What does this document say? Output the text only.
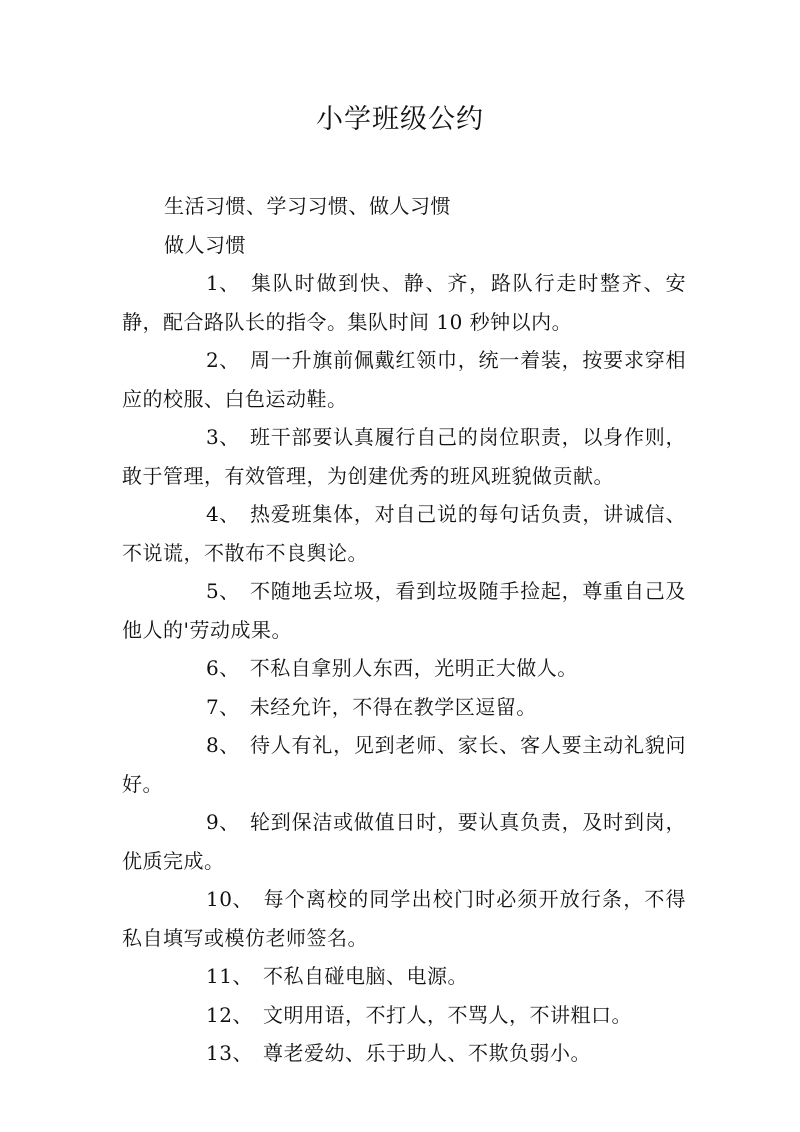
小学班级公约

生活习惯、学习习惯、做人习惯

做人习惯

1、 集队时做到快、静、齐，路队行走时整齐、安静，配合路队长的指令。集队时间 10 秒钟以内。

2、 周一升旗前佩戴红领巾，统一着装，按要求穿相应的校服、白色运动鞋。

3、 班干部要认真履行自己的岗位职责，以身作则，敢于管理，有效管理，为创建优秀的班风班貌做贡献。

4、 热爱班集体，对自己说的每句话负责，讲诚信、不说谎，不散布不良舆论。

5、 不随地丢垃圾，看到垃圾随手捡起，尊重自己及他人的'劳动成果。

6、 不私自拿别人东西，光明正大做人。

7、 未经允许，不得在教学区逗留。

8、 待人有礼，见到老师、家长、客人要主动礼貌问好。

9、 轮到保洁或做值日时，要认真负责，及时到岗，优质完成。

10、 每个离校的同学出校门时必须开放行条，不得私自填写或模仿老师签名。

11、 不私自碰电脑、电源。

12、 文明用语，不打人，不骂人，不讲粗口。

13、 尊老爱幼、乐于助人、不欺负弱小。
